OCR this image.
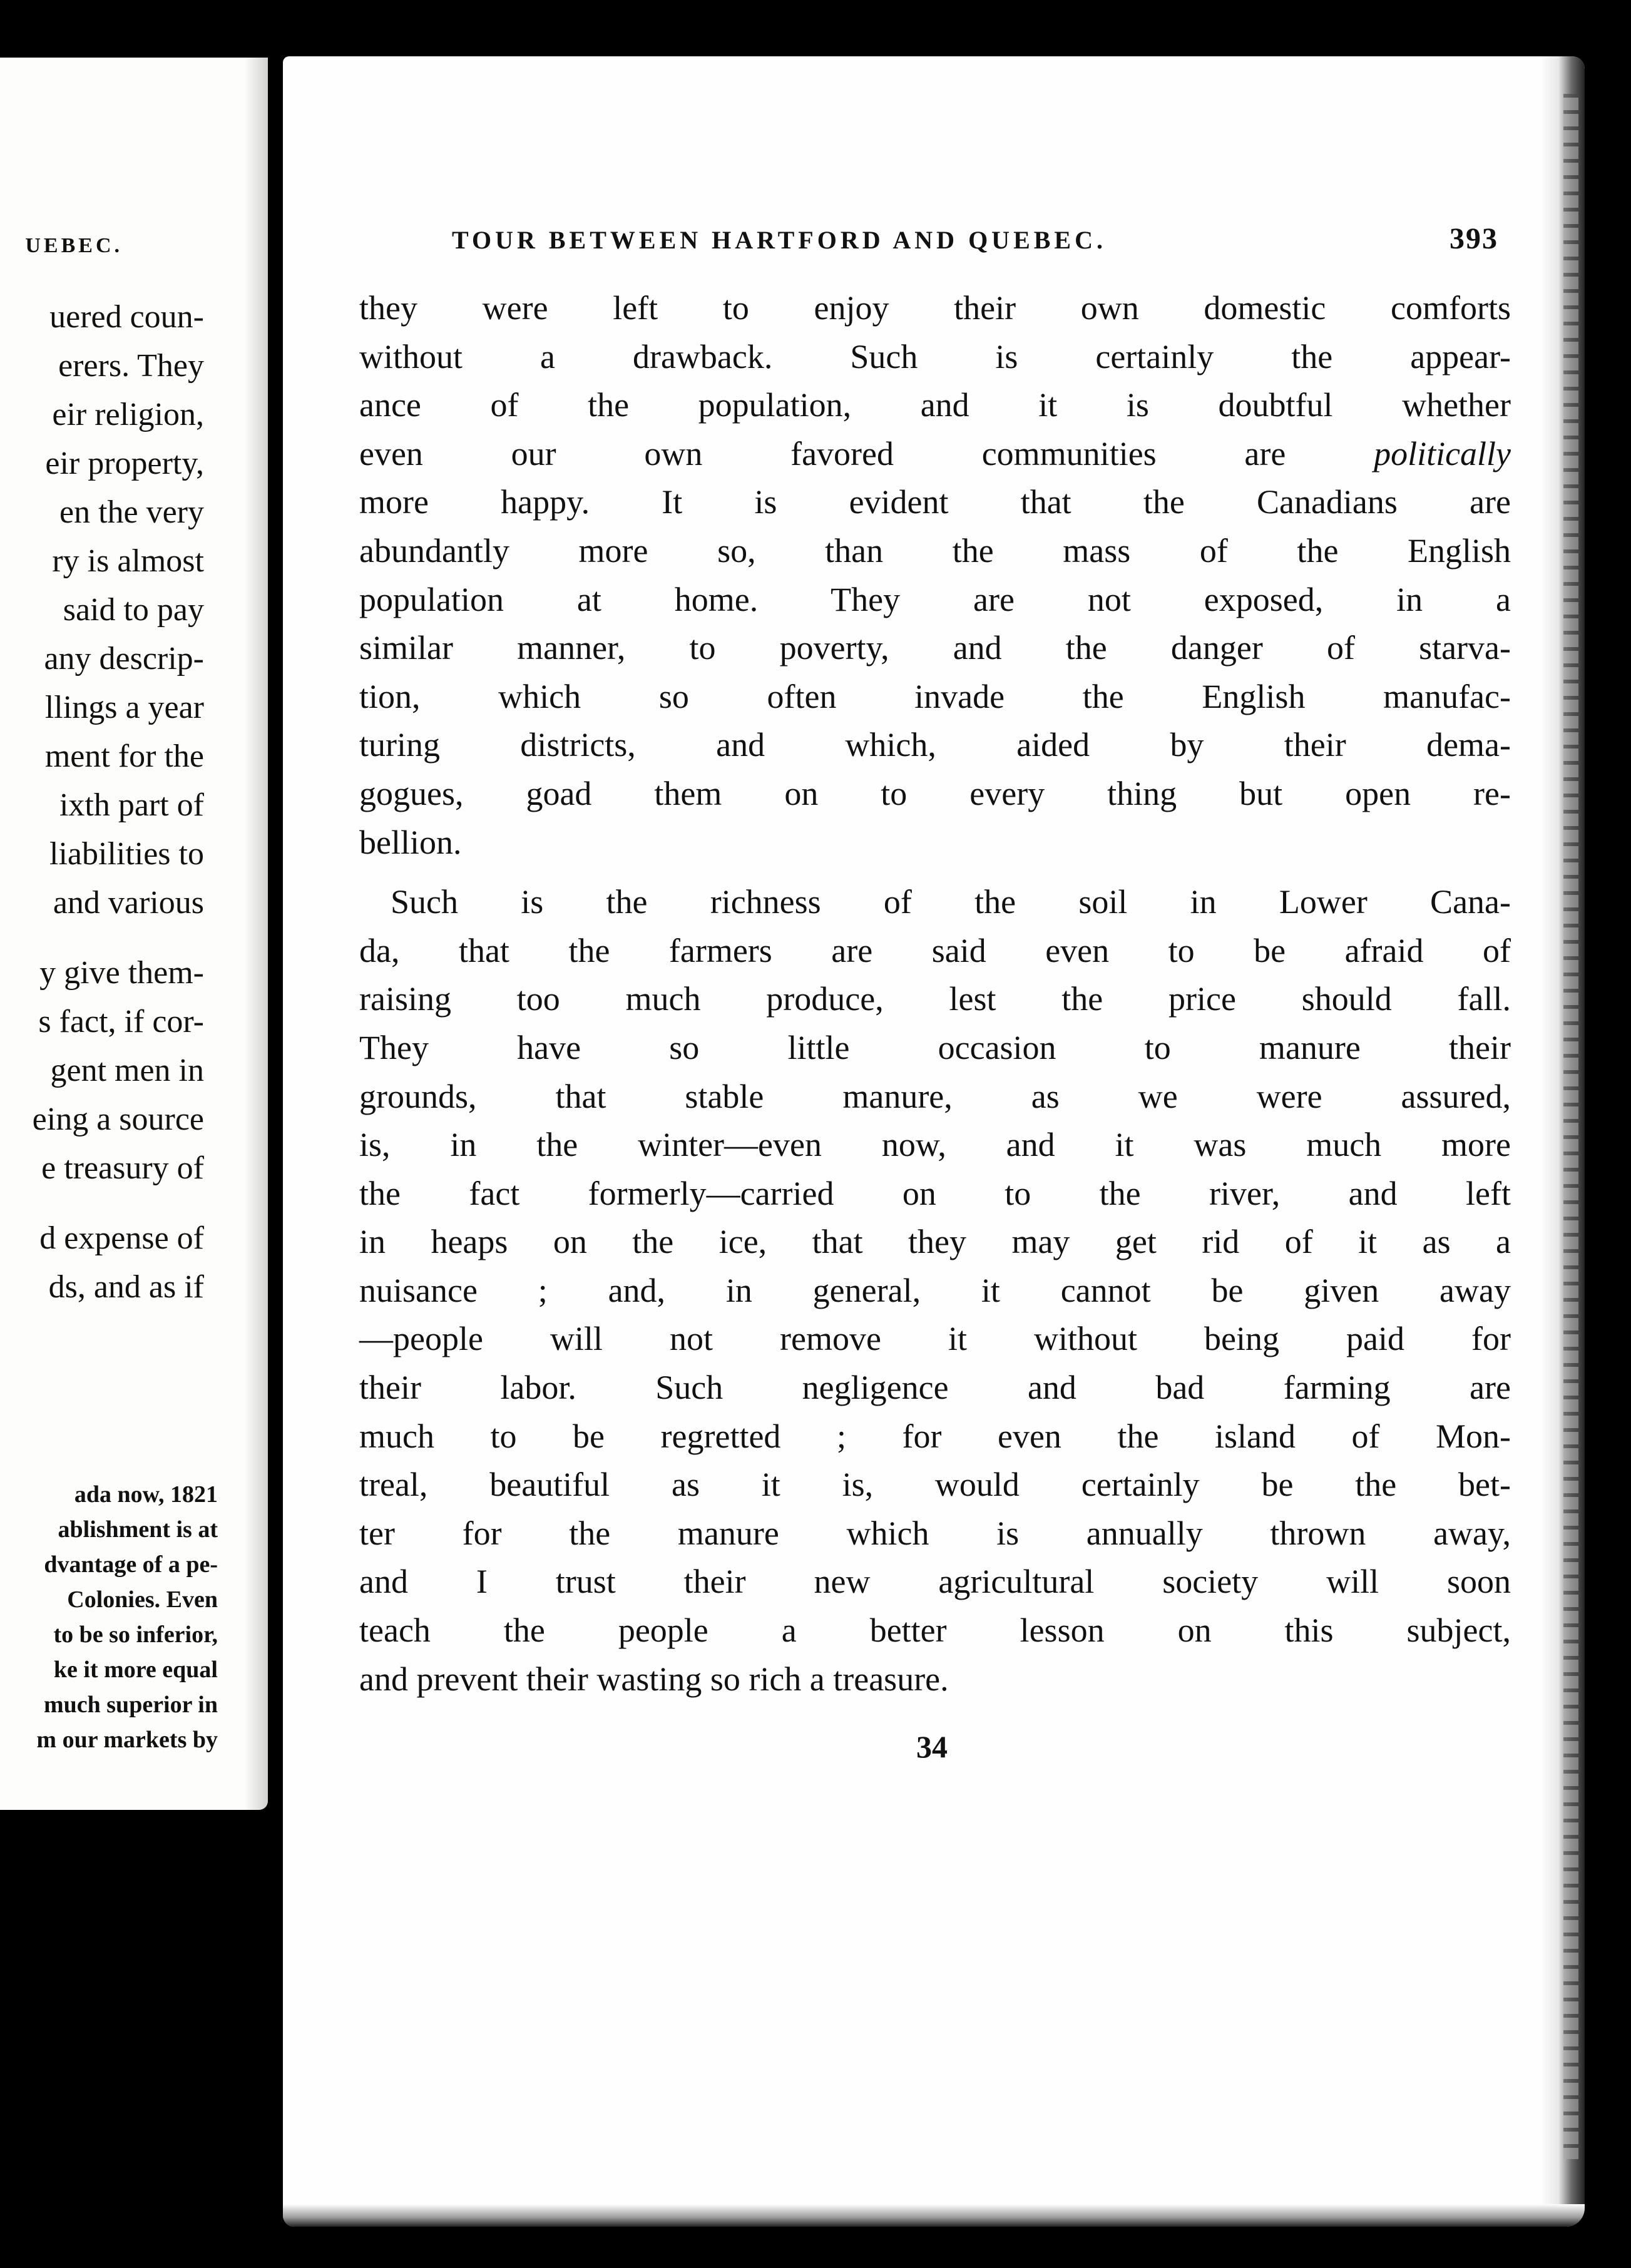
UEBEC.
uered coun-
erers. They
eir religion,
eir property,
en the very
ry is almost
said to pay
any descrip-
llings a year
ment for the
ixth part of
liabilities to
and various
y give them-
s fact, if cor-
gent men in
eing a source
e treasury of
d expense of
ds, and as if
ada now, 1821
ablishment is at
dvantage of a pe-
Colonies. Even
to be so inferior,
ke it more equal
much superior in
m our markets by
TOUR BETWEEN HARTFORD AND QUEBEC.	393
they were left to enjoy their own domestic comforts
without a drawback. Such is certainly the appear-
ance of the population, and it is doubtful whether
even our own favored communities are	politically
more happy. It is evident that the Canadians are
abundantly more so, than the mass of the English
population at home. They are not exposed, in a
similar manner, to poverty, and the danger of starva-
tion, which so often invade the English manufac-
turing districts, and which, aided by their dema-
gogues, goad them on to every thing but open re-
bellion.
Such is the richness of the soil in Lower Cana-
da, that the farmers are said even to be afraid of
raising too much produce, lest the price should fall.
They have so little occasion to manure their
grounds, that stable manure, as we were assured,
is, in the winter—even now, and it was much more
the fact formerly—carried on to the river, and left
in heaps on the ice, that they may get rid of it as a
nuisance ; and, in general, it cannot be given away
—people will not remove it without being paid for
their labor. Such negligence and bad farming are
much to be regretted ; for even the island of Mon-
treal, beautiful as it is, would certainly be the bet-
ter for the manure which is annually thrown away,
and I trust their new agricultural society will soon
teach the people a better lesson on this subject,
and prevent their wasting so rich a treasure.
34
